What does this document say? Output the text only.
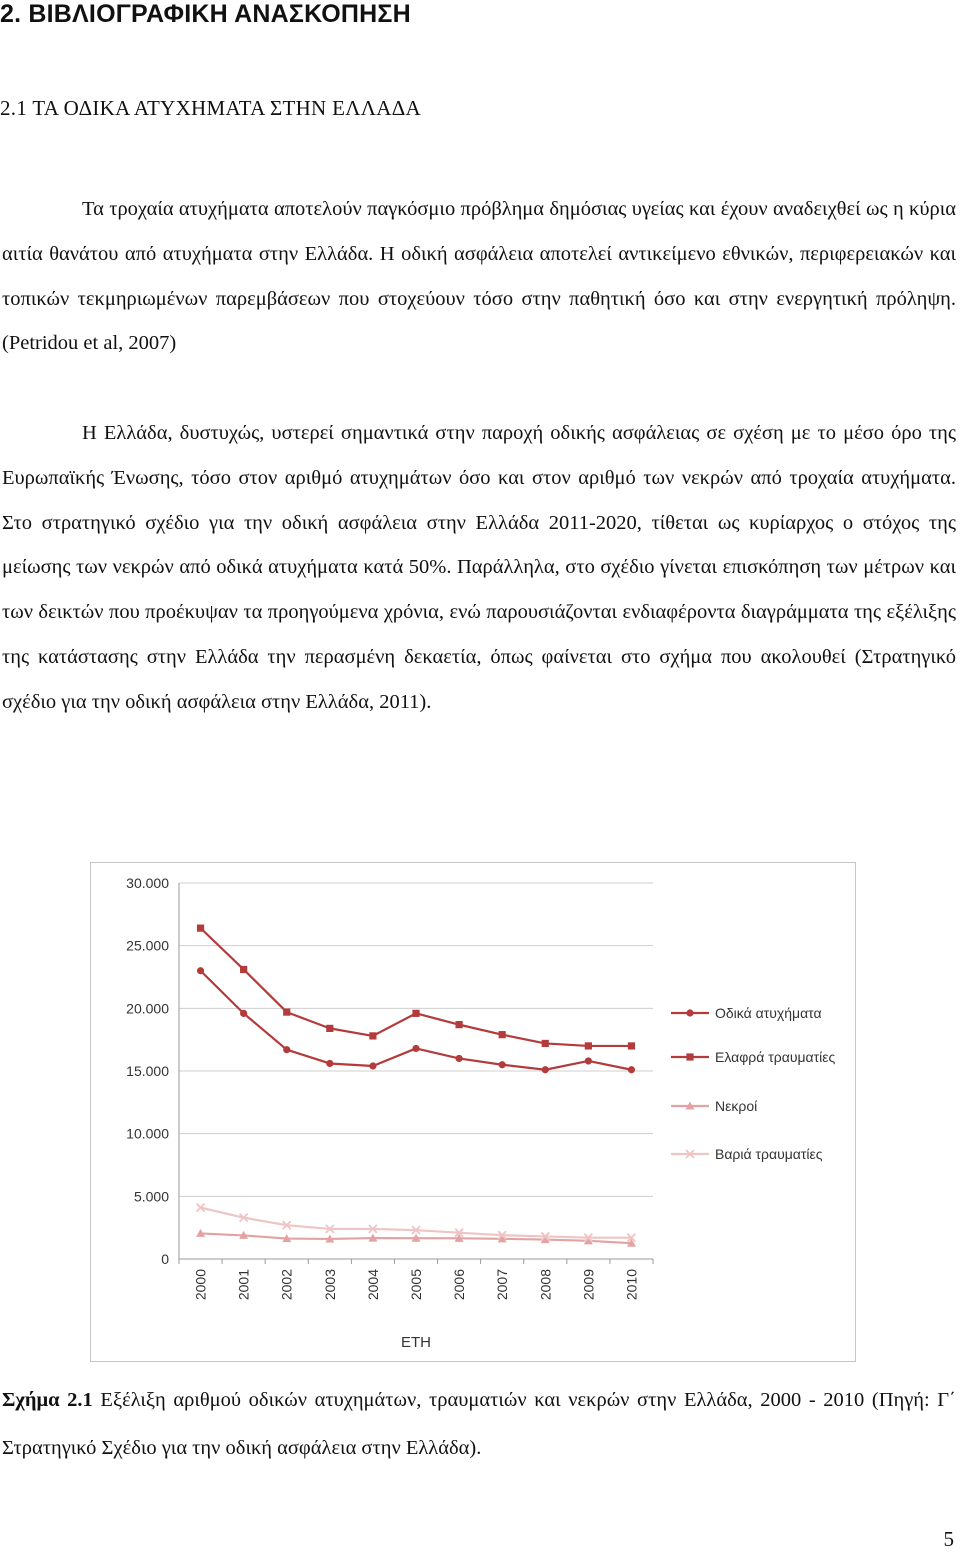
2. ΒΙΒΛΙΟΓΡΑΦΙΚΗ ΑΝΑΣΚΟΠΗΣΗ
2.1 ΤΑ ΟΔΙΚΑ ΑΤΥΧΗΜΑΤΑ ΣΤΗΝ ΕΛΛΑΔΑ

Τα τροχαία ατυχήματα αποτελούν παγκόσμιο πρόβλημα δημόσιας υγείας και έχουν αναδειχθεί ως η κύρια αιτία θανάτου από ατυχήματα στην Ελλάδα. Η οδική ασφάλεια αποτελεί αντικείμενο εθνικών, περιφερειακών και τοπικών τεκμηριωμένων παρεμβάσεων που στοχεύουν τόσο στην παθητική όσο και στην ενεργητική πρόληψη. (Petridou et al, 2007)

Η Ελλάδα, δυστυχώς, υστερεί σημαντικά στην παροχή οδικής ασφάλειας σε σχέση με το μέσο όρο της Ευρωπαϊκής Ένωσης, τόσο στον αριθμό ατυχημάτων όσο και στον αριθμό των νεκρών από τροχαία ατυχήματα. Στο στρατηγικό σχέδιο για την οδική ασφάλεια στην Ελλάδα 2011-2020, τίθεται ως κυρίαρχος ο στόχος της μείωσης των νεκρών από οδικά ατυχήματα κατά 50%. Παράλληλα, στο σχέδιο γίνεται επισκόπηση των μέτρων και των δεικτών που προέκυψαν τα προηγούμενα χρόνια, ενώ παρουσιάζονται ενδιαφέροντα διαγράμματα της εξέλιξης της κατάστασης στην Ελλάδα την περασμένη δεκαετία, όπως φαίνεται στο σχήμα που ακολουθεί (Στρατηγικό σχέδιο για την οδική ασφάλεια στην Ελλάδα, 2011).

0
5.000
10.000
15.000
20.000
25.000
30.000
2000 2001 2002 2003 2004 2005 2006 2007 2008 2009 2010
ΕΤΗ
Οδικά ατυχήματα
Ελαφρά τραυματίες
Νεκροί
Βαριά τραυματίες

Σχήμα 2.1 Εξέλιξη αριθμού οδικών ατυχημάτων, τραυματιών και νεκρών στην Ελλάδα, 2000 - 2010 (Πηγή: Γ΄ Στρατηγικό Σχέδιο για την οδική ασφάλεια στην Ελλάδα).

5
